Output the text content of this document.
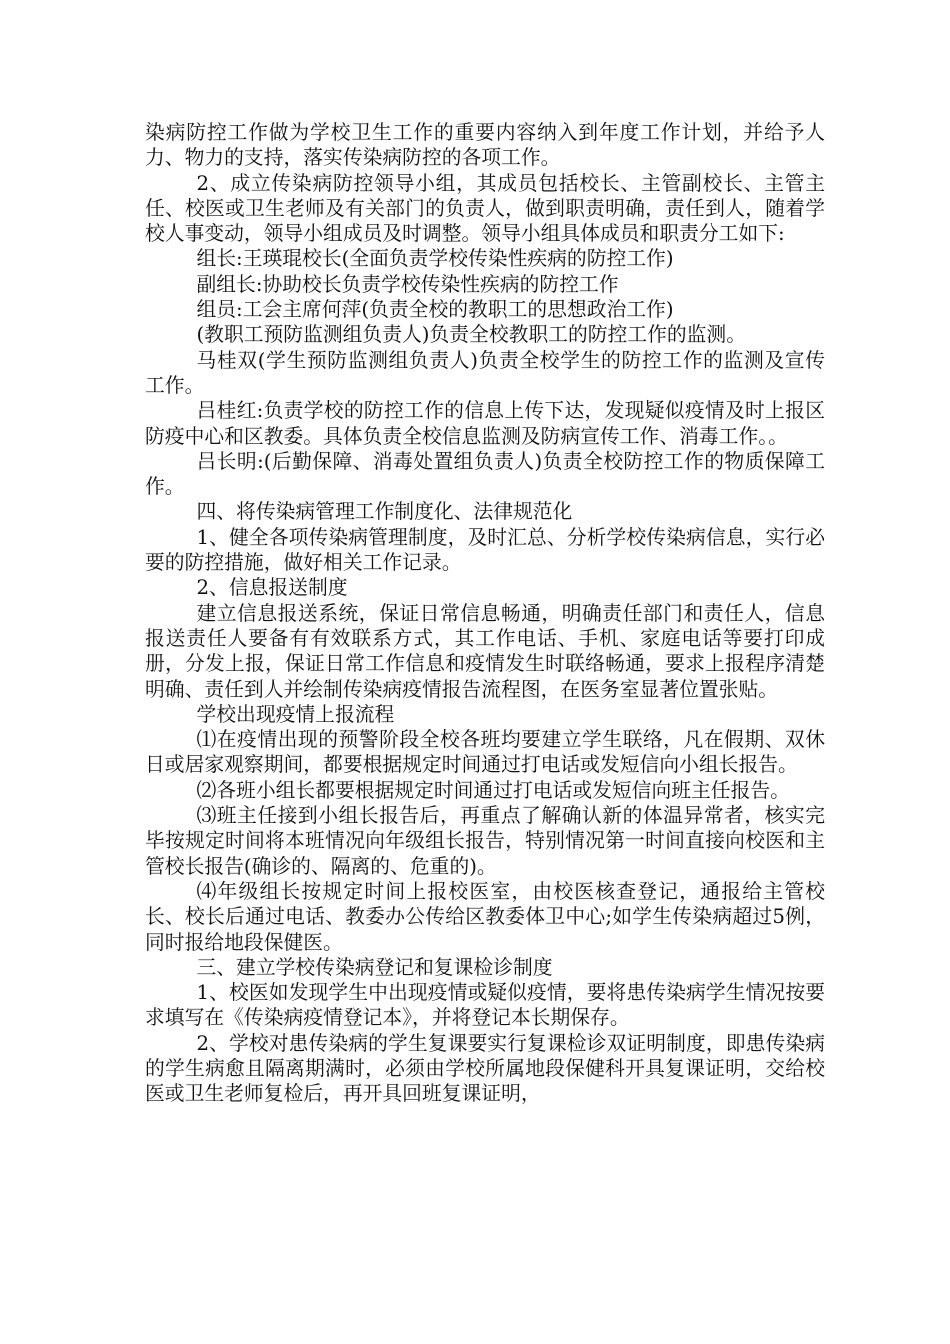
染病防控工作做为学校卫生工作的重要内容纳入到年度工作计划，并给予人力、物力的支持，落实传染病防控的各项工作。

2、成立传染病防控领导小组，其成员包括校长、主管副校长、主管主任、校医或卫生老师及有关部门的负责人，做到职责明确，责任到人，随着学校人事变动，领导小组成员及时调整。领导小组具体成员和职责分工如下:

组长:王瑛琨校长(全面负责学校传染性疾病的防控工作)

副组长:协助校长负责学校传染性疾病的防控工作

组员:工会主席何萍(负责全校的教职工的思想政治工作)

(教职工预防监测组负责人)负责全校教职工的防控工作的监测。

马桂双(学生预防监测组负责人)负责全校学生的防控工作的监测及宣传工作。

吕桂红:负责学校的防控工作的信息上传下达，发现疑似疫情及时上报区防疫中心和区教委。具体负责全校信息监测及防病宣传工作、消毒工作。。

吕长明:(后勤保障、消毒处置组负责人)负责全校防控工作的物质保障工作。

四、将传染病管理工作制度化、法律规范化

1、健全各项传染病管理制度，及时汇总、分析学校传染病信息，实行必要的防控措施，做好相关工作记录。

2、信息报送制度

建立信息报送系统，保证日常信息畅通，明确责任部门和责任人，信息报送责任人要备有有效联系方式，其工作电话、手机、家庭电话等要打印成册，分发上报，保证日常工作信息和疫情发生时联络畅通，要求上报程序清楚明确、责任到人并绘制传染病疫情报告流程图，在医务室显著位置张贴。

学校出现疫情上报流程

⑴在疫情出现的预警阶段全校各班均要建立学生联络，凡在假期、双休日或居家观察期间，都要根据规定时间通过打电话或发短信向小组长报告。

⑵各班小组长都要根据规定时间通过打电话或发短信向班主任报告。

⑶班主任接到小组长报告后，再重点了解确认新的体温异常者，核实完毕按规定时间将本班情况向年级组长报告，特别情况第一时间直接向校医和主管校长报告(确诊的、隔离的、危重的)。

⑷年级组长按规定时间上报校医室，由校医核查登记，通报给主管校长、校长后通过电话、教委办公传给区教委体卫中心;如学生传染病超过5例，同时报给地段保健医。

三、建立学校传染病登记和复课检诊制度

1、校医如发现学生中出现疫情或疑似疫情，要将患传染病学生情况按要求填写在《传染病疫情登记本》，并将登记本长期保存。

2、学校对患传染病的学生复课要实行复课检诊双证明制度，即患传染病的学生病愈且隔离期满时，必须由学校所属地段保健科开具复课证明，交给校医或卫生老师复检后，再开具回班复课证明，
